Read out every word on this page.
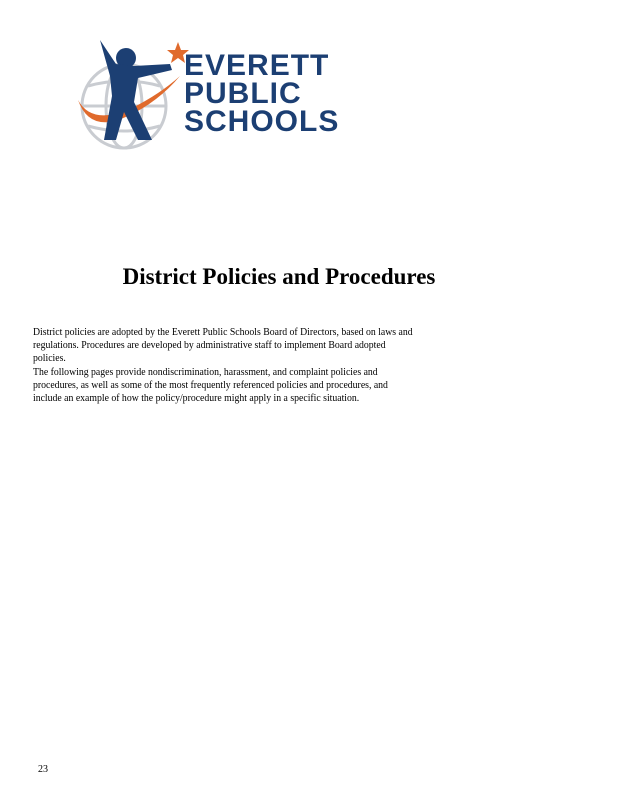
EVERETT
PUBLIC
SCHOOLS
District Policies and Procedures
District policies are adopted by the Everett Public Schools Board of Directors, based on laws and regulations. Procedures are developed by administrative staff to implement Board adopted policies.
The following pages provide nondiscrimination, harassment, and complaint policies and procedures, as well as some of the most frequently referenced policies and procedures, and include an example of how the policy/procedure might apply in a specific situation.
23
